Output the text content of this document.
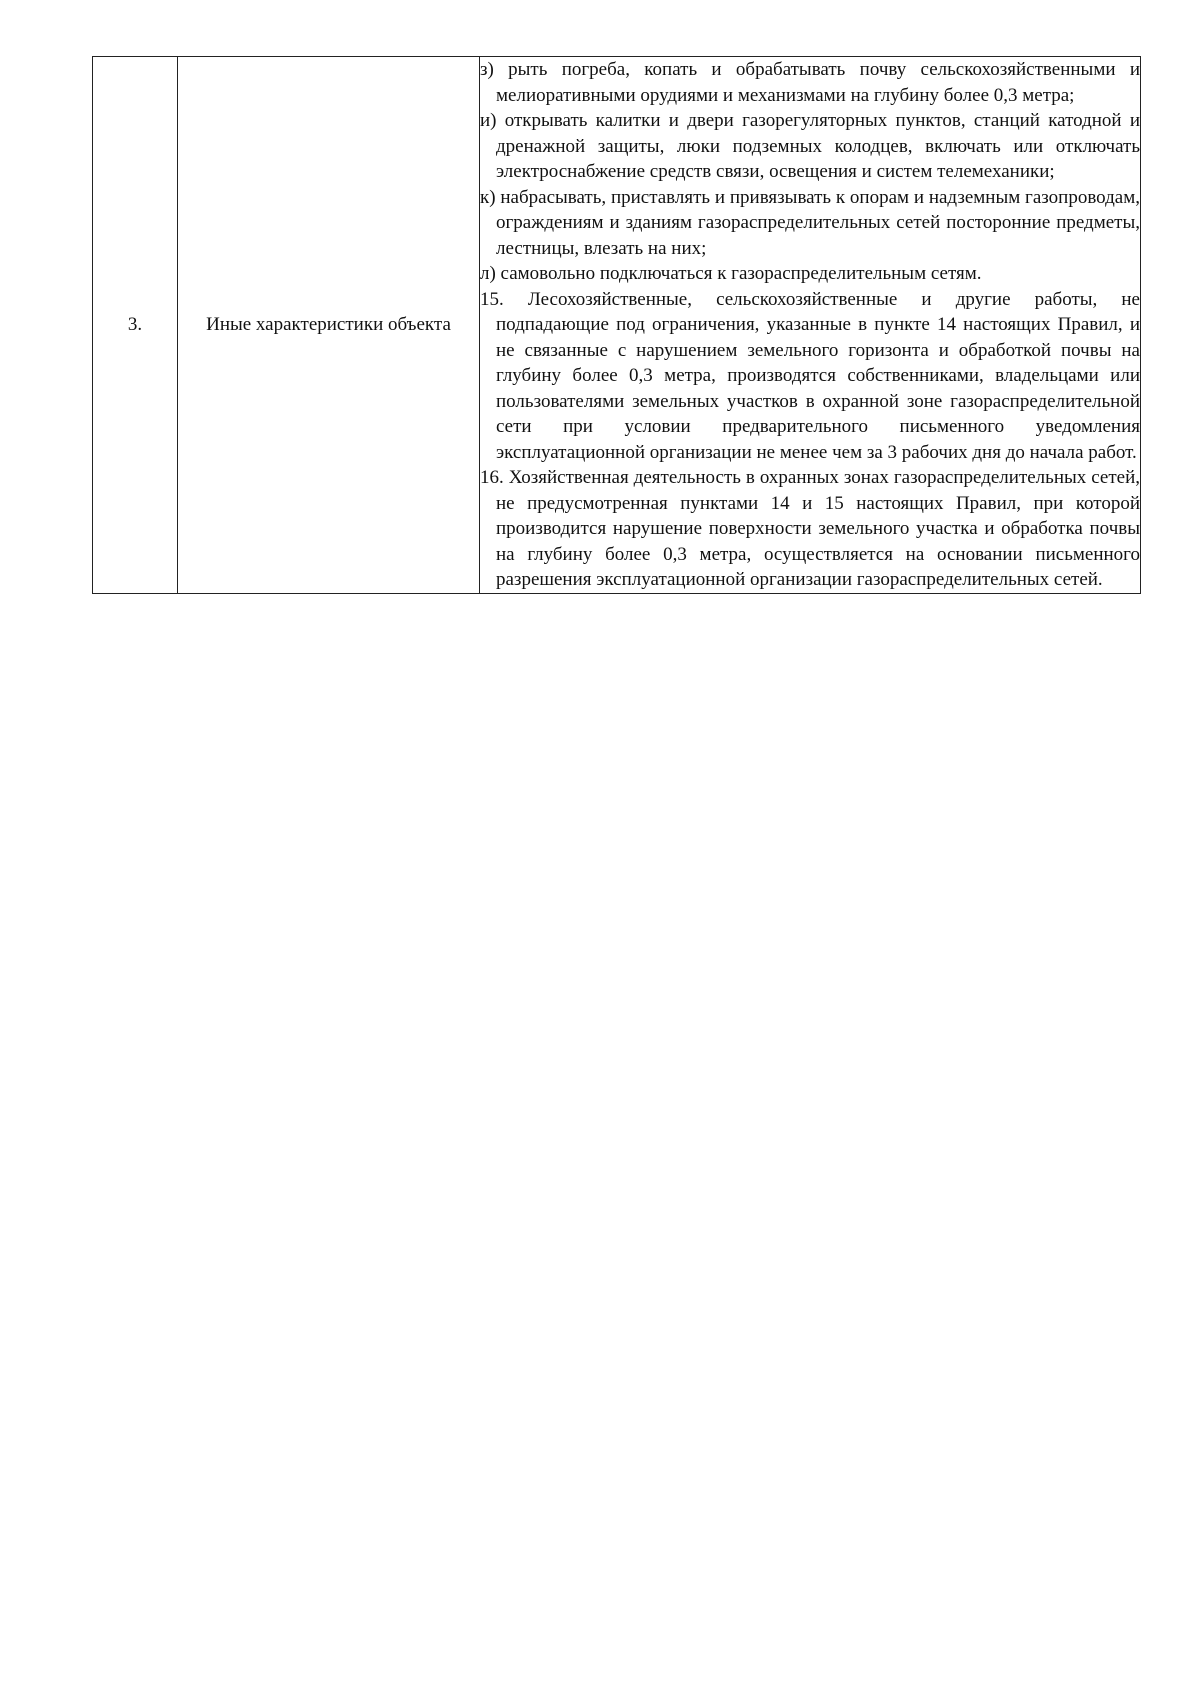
3.	Иные характеристики объекта	

з) рыть погреба, копать и обрабатывать почву сельскохозяйственными и мелиоративными орудиями и механизмами на глубину более 0,3 метра;

и) открывать калитки и двери газорегуляторных пунктов, станций катодной и дренажной защиты, люки подземных колодцев, включать или отключать электроснабжение средств связи, освещения и систем телемеханики;

к) набрасывать, приставлять и привязывать к опорам и надземным газопроводам, ограждениям и зданиям газораспределительных сетей посторонние предметы, лестницы, влезать на них;

л) самовольно подключаться к газораспределительным сетям.

15. Лесохозяйственные, сельскохозяйственные и другие работы, не подпадающие под ограничения, указанные в пункте 14 настоящих Правил, и не связанные с нарушением земельного горизонта и обработкой почвы на глубину более 0,3 метра, производятся собственниками, владельцами или пользователями земельных участков в охранной зоне газораспределительной сети при условии предварительного письменного уведомления эксплуатационной организации не менее чем за 3 рабочих дня до начала работ.

16. Хозяйственная деятельность в охранных зонах газораспределительных сетей, не предусмотренная пунктами 14 и 15 настоящих Правил, при которой производится нарушение поверхности земельного участка и обработка почвы на глубину более 0,3 метра, осуществляется на основании письменного разрешения эксплуатационной организации газораспределительных сетей.
